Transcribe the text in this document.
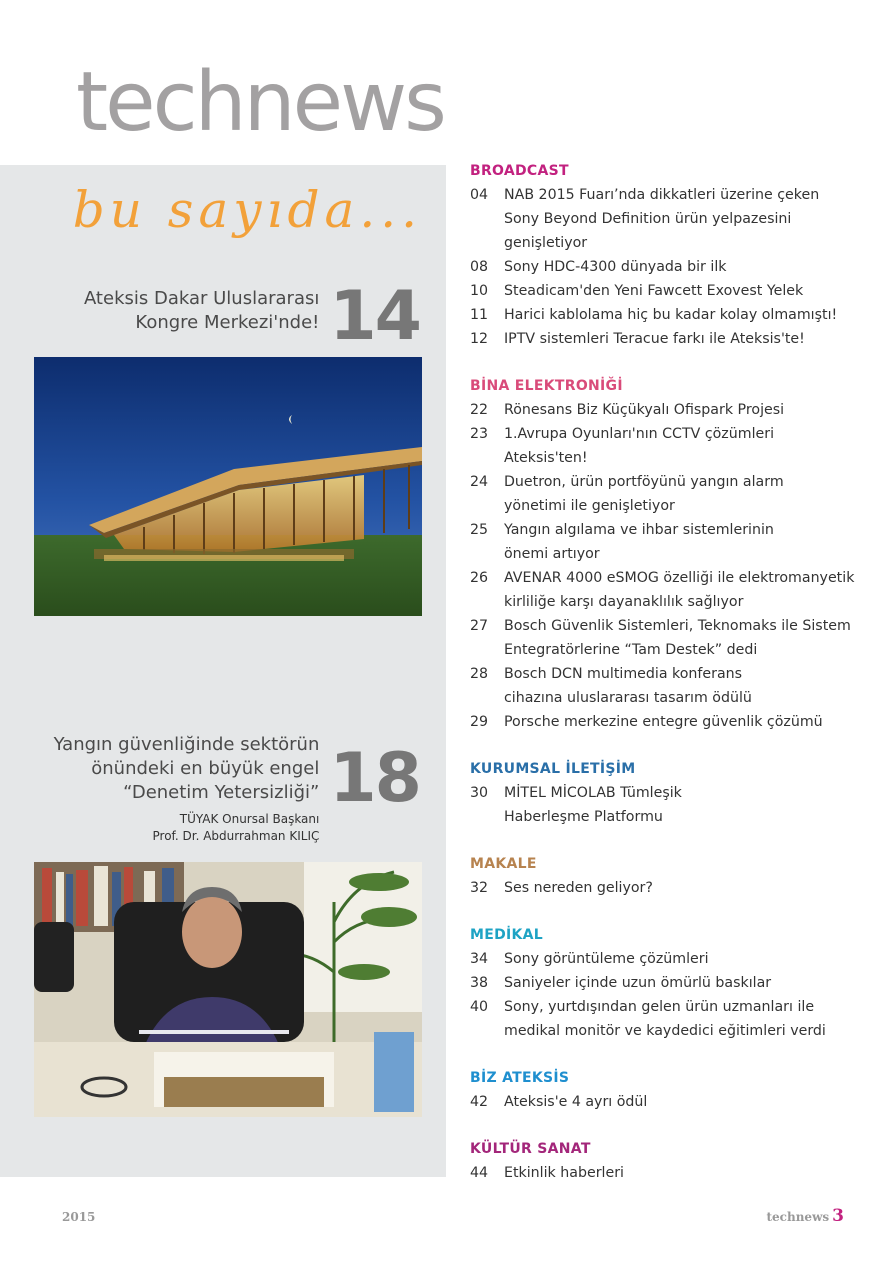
technews
bu sayıda...
Ateksis Dakar Uluslararası
Kongre Merkezi'nde! 14
Yangın güvenliğinde sektörün
önündeki en büyük engel
“Denetim Yetersizliği”
TÜYAK Onursal Başkanı
Prof. Dr. Abdurrahman KILIÇ
18
BROADCAST
04	NAB 2015 Fuarı’nda dikkatleri üzerine çeken
Sony Beyond Definition ürün yelpazesini
genişletiyor
08	Sony HDC-4300 dünyada bir ilk
10	Steadicam'den Yeni Fawcett Exovest Yelek
11	Harici kablolama hiç bu kadar kolay olmamıştı!
12	IPTV sistemleri Teracue farkı ile Ateksis'te!
BİNA ELEKTRONİĞİ
22	Rönesans Biz Küçükyalı Ofispark Projesi
23	1.Avrupa Oyunları'nın CCTV çözümleri
Ateksis'ten!
24	Duetron, ürün portföyünü yangın alarm
yönetimi ile genişletiyor
25	Yangın algılama ve ihbar sistemlerinin
önemi artıyor
26	AVENAR 4000 eSMOG özelliği ile elektromanyetik
kirliliğe karşı dayanaklılık sağlıyor
27	Bosch Güvenlik Sistemleri, Teknomaks ile Sistem
Entegratörlerine “Tam Destek” dedi
28	Bosch DCN multimedia konferans
cihazına uluslararası tasarım ödülü
29	Porsche merkezine entegre güvenlik çözümü
KURUMSAL İLETİŞİM
30	MİTEL MİCOLAB Tümleşik
Haberleşme Platformu
MAKALE
32	Ses nereden geliyor?
MEDİKAL
34	Sony görüntüleme çözümleri
38	Saniyeler içinde uzun ömürlü baskılar
40	Sony, yurtdışından gelen ürün uzmanları ile
medikal monitör ve kaydedici eğitimleri verdi
BİZ ATEKSİS
42	Ateksis'e 4 ayrı ödül
KÜLTÜR SANAT
44	Etkinlik haberleri
2015	technews 3
